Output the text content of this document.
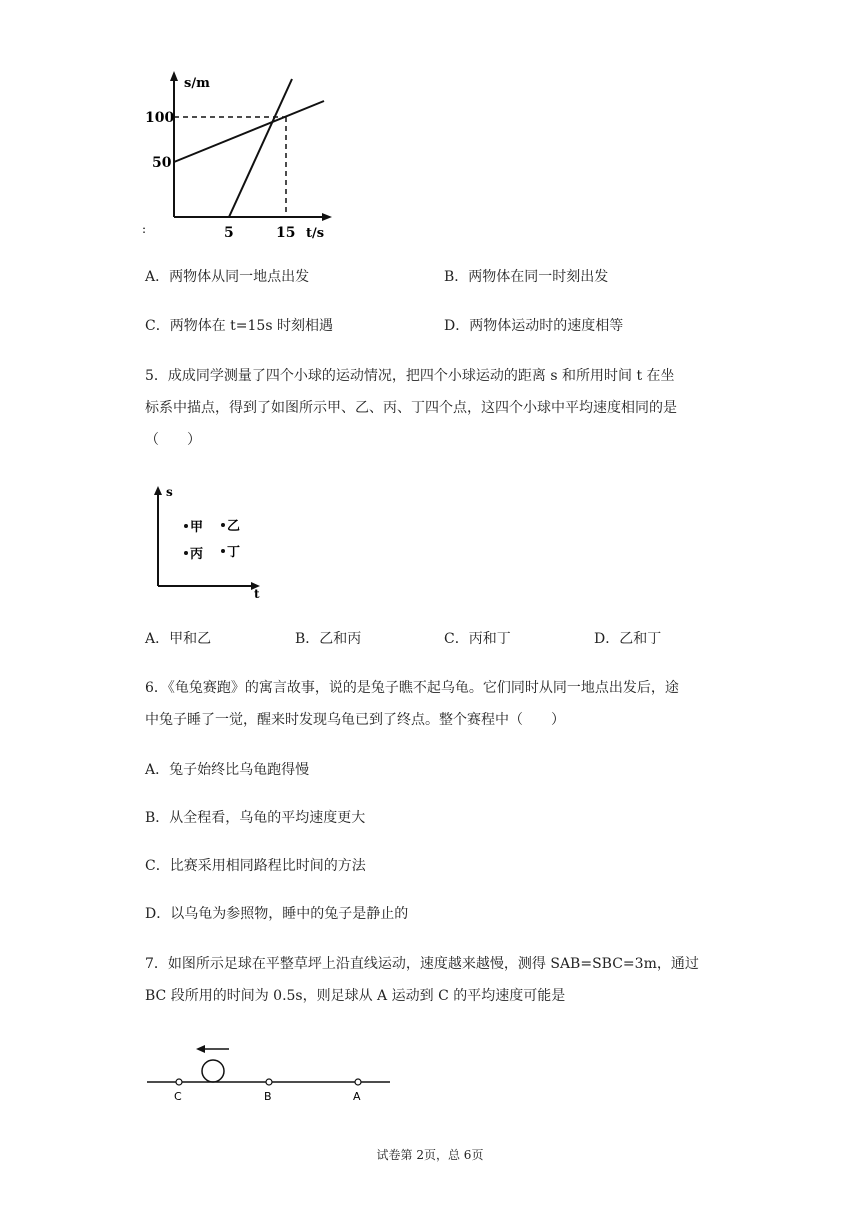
s/m
t/s
100
50
5	15
:
A．两物体从同一地点出发	B．两物体在同一时刻出发
C．两物体在 t=15s 时刻相遇	D．两物体运动时的速度相等
5．成成同学测量了四个小球的运动情况，把四个小球运动的距离 s 和所用时间 t 在坐
标系中描点，得到了如图所示甲、乙、丙、丁四个点，这四个小球中平均速度相同的是
（　　）
s
t
甲 乙
丙 丁
A．甲和乙	B．乙和丙	C．丙和丁	D．乙和丁
6．《龟兔赛跑》的寓言故事，说的是兔子瞧不起乌龟。它们同时从同一地点出发后，途
中兔子睡了一觉，醒来时发现乌龟已到了终点。整个赛程中（　　）
A．兔子始终比乌龟跑得慢
B．从全程看，乌龟的平均速度更大
C．比赛采用相同路程比时间的方法
D．以乌龟为参照物，睡中的兔子是静止的
7．如图所示足球在平整草坪上沿直线运动，速度越来越慢，测得 SAB=SBC=3m，通过
BC 段所用的时间为 0.5s，则足球从 A 运动到 C 的平均速度可能是
C	B	A
试卷第 2页，总 6页
